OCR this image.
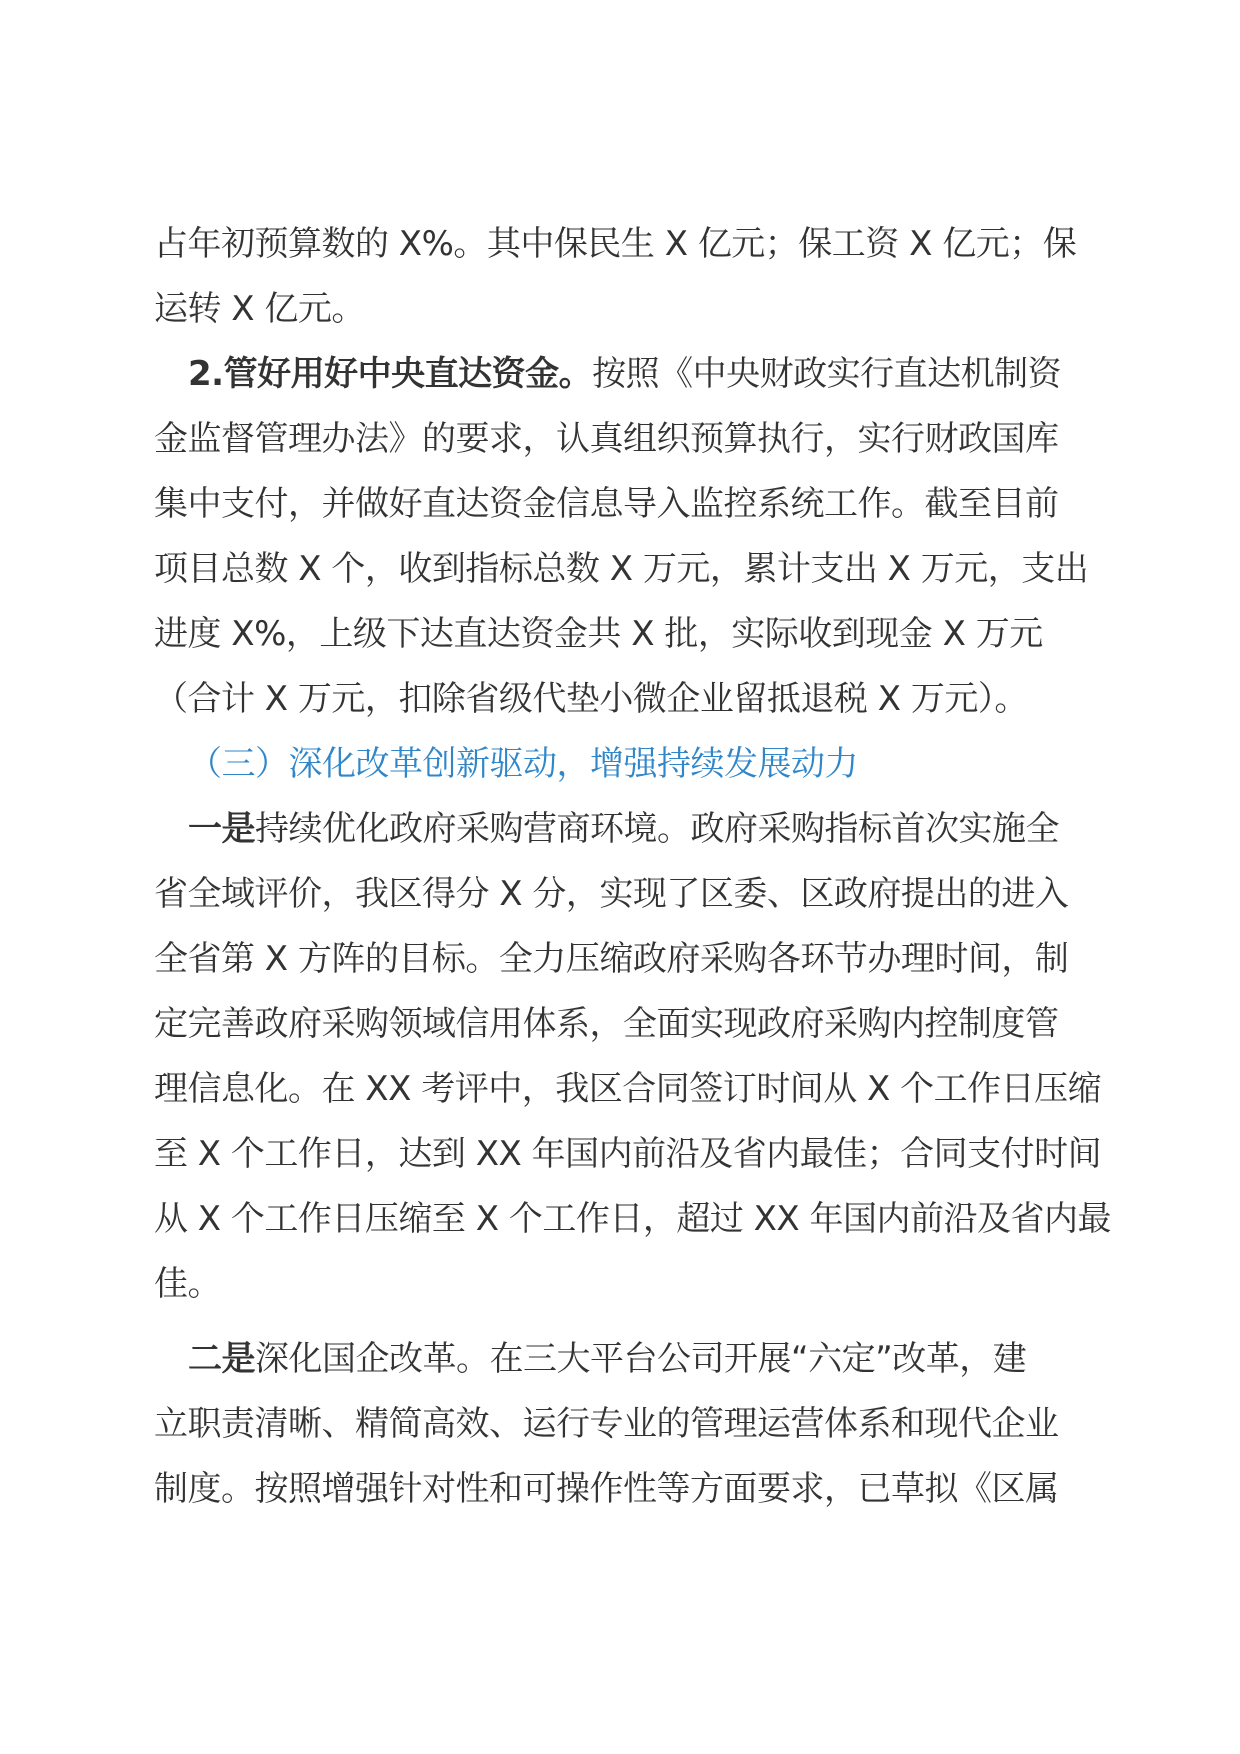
占年初预算数的 X%。其中保民生 X 亿元；保工资 X 亿元；保
运转 X 亿元。
2.管好用好中央直达资金。按照《中央财政实行直达机制资
金监督管理办法》的要求，认真组织预算执行，实行财政国库
集中支付，并做好直达资金信息导入监控系统工作。截至目前
项目总数 X 个，收到指标总数 X 万元，累计支出 X 万元，支出
进度 X%，上级下达直达资金共 X 批，实际收到现金 X 万元
（合计 X 万元，扣除省级代垫小微企业留抵退税 X 万元）。
（三）深化改革创新驱动，增强持续发展动力
一是持续优化政府采购营商环境。政府采购指标首次实施全
省全域评价，我区得分 X 分，实现了区委、区政府提出的进入
全省第 X 方阵的目标。全力压缩政府采购各环节办理时间，制
定完善政府采购领域信用体系，全面实现政府采购内控制度管
理信息化。在 XX 考评中，我区合同签订时间从 X 个工作日压缩
至 X 个工作日，达到 XX 年国内前沿及省内最佳；合同支付时间
从 X 个工作日压缩至 X 个工作日，超过 XX 年国内前沿及省内最
佳。
二是深化国企改革。在三大平台公司开展“六定”改革，建
立职责清晰、精简高效、运行专业的管理运营体系和现代企业
制度。按照增强针对性和可操作性等方面要求，已草拟《区属
